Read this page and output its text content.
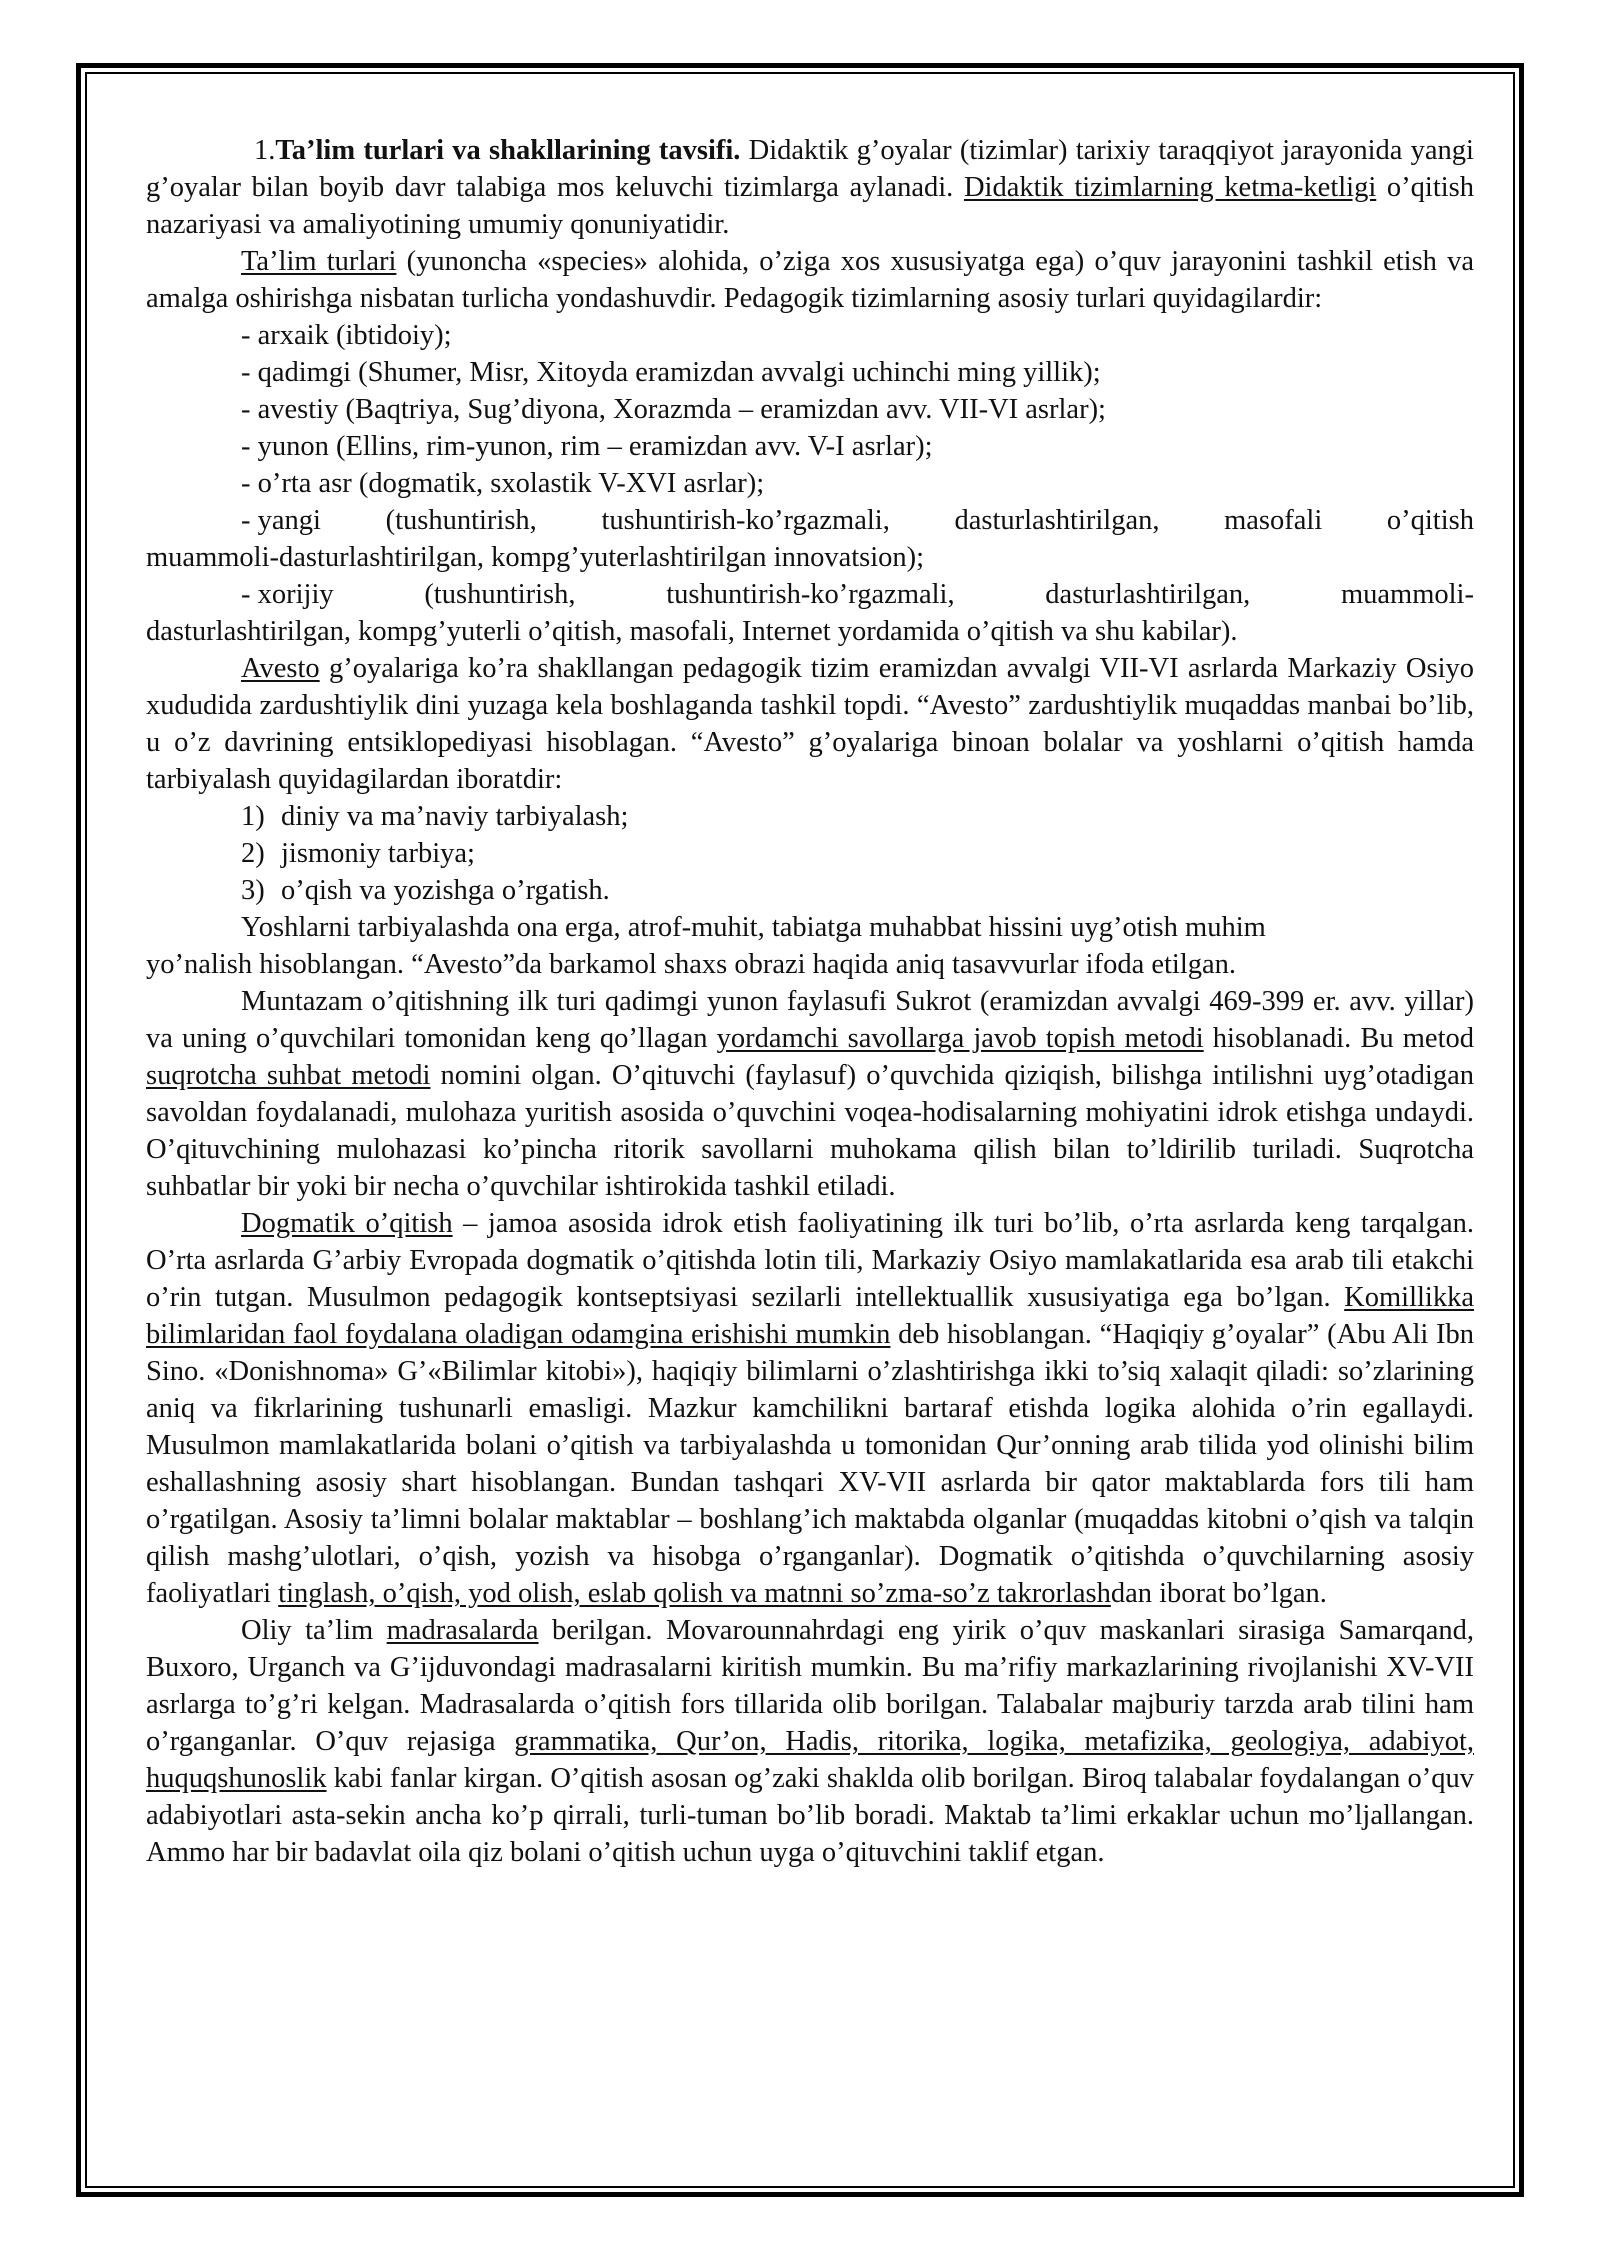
1.Ta’lim turlari va shakllarining tavsifi. Didaktik g’oyalar (tizimlar) tarixiy taraqqiyot jarayonida yangi g’oyalar bilan boyib davr talabiga mos keluvchi tizimlarga aylanadi. Didaktik tizimlarning ketma-ketligi o’qitish nazariyasi va amaliyotining umumiy qonuniyatidir.

Ta’lim turlari (yunoncha «species» alohida, o’ziga xos xususiyatga ega) o’quv jarayonini tashkil etish va amalga oshirishga nisbatan turlicha yondashuvdir. Pedagogik tizimlarning asosiy turlari quyidagilardir:

- arxaik (ibtidoiy);
- qadimgi (Shumer, Misr, Xitoyda eramizdan avvalgi uchinchi ming yillik);
- avestiy (Baqtriya, Sug’diyona, Xorazmda – eramizdan avv. VII-VI asrlar);
- yunon (Ellins, rim-yunon, rim – eramizdan avv. V-I asrlar);
- o’rta asr (dogmatik, sxolastik V-XVI asrlar);
- yangi (tushuntirish, tushuntirish-ko’rgazmali, dasturlashtirilgan, masofali o’qitish
muammoli-dasturlashtirilgan, kompg’yuterlashtirilgan innovatsion);
- xorijiy	(tushuntirish,	tushuntirish-ko’rgazmali,	dasturlashtirilgan,	muammoli-
dasturlashtirilgan, kompg’yuterli o’qitish, masofali, Internet yordamida o’qitish va shu kabilar).

Avesto g’oyalariga ko’ra shakllangan pedagogik tizim eramizdan avvalgi VII-VI asrlarda Markaziy Osiyo xududida zardushtiylik dini yuzaga kela boshlaganda tashkil topdi. “Avesto” zardushtiylik muqaddas manbai bo’lib, u o’z davrining entsiklopediyasi hisoblagan. “Avesto” g’oyalariga binoan bolalar va yoshlarni o’qitish hamda tarbiyalash quyidagilardan iboratdir:

1) diniy va ma’naviy tarbiyalash;
2) jismoniy tarbiya;
3) o’qish va yozishga o’rgatish.
Yoshlarni tarbiyalashda ona erga, atrof-muhit, tabiatga muhabbat hissini uyg’otish muhim
yo’nalish hisoblangan. “Avesto”da barkamol shaxs obrazi haqida aniq tasavvurlar ifoda etilgan.

Muntazam o’qitishning ilk turi qadimgi yunon faylasufi Sukrot (eramizdan avvalgi 469-399 er. avv. yillar) va uning o’quvchilari tomonidan keng qo’llagan yordamchi savollarga javob topish metodi hisoblanadi. Bu metod suqrotcha suhbat metodi nomini olgan. O’qituvchi (faylasuf) o’quvchida qiziqish, bilishga intilishni uyg’otadigan savoldan foydalanadi, mulohaza yuritish asosida o’quvchini voqea-hodisalarning mohiyatini idrok etishga undaydi. O’qituvchining mulohazasi ko’pincha ritorik savollarni muhokama qilish bilan to’ldirilib turiladi. Suqrotcha suhbatlar bir yoki bir necha o’quvchilar ishtirokida tashkil etiladi.

Dogmatik o’qitish – jamoa asosida idrok etish faoliyatining ilk turi bo’lib, o’rta asrlarda keng tarqalgan. O’rta asrlarda G’arbiy Evropada dogmatik o’qitishda lotin tili, Markaziy Osiyo mamlakatlarida esa arab tili etakchi o’rin tutgan. Musulmon pedagogik kontseptsiyasi sezilarli intellektuallik xususiyatiga ega bo’lgan. Komillikka bilimlaridan faol foydalana oladigan odamgina erishishi mumkin deb hisoblangan. “Haqiqiy g’oyalar” (Abu Ali Ibn Sino. «Donishnoma» G’«Bilimlar kitobi»), haqiqiy bilimlarni o’zlashtirishga ikki to’siq xalaqit qiladi: so’zlarining aniq va fikrlarining tushunarli emasligi. Mazkur kamchilikni bartaraf etishda logika alohida o’rin egallaydi. Musulmon mamlakatlarida bolani o’qitish va tarbiyalashda u tomonidan Qur’onning arab tilida yod olinishi bilim eshallashning asosiy shart hisoblangan. Bundan tashqari XV-VII asrlarda bir qator maktablarda fors tili ham o’rgatilgan. Asosiy ta’limni bolalar maktablar – boshlang’ich maktabda olganlar (muqaddas kitobni o’qish va talqin qilish mashg’ulotlari, o’qish, yozish va hisobga o’rganganlar). Dogmatik o’qitishda o’quvchilarning asosiy faoliyatlari tinglash, o’qish, yod olish, eslab qolish va matnni so’zma-so’z takrorlashdan iborat bo’lgan.

Oliy ta’lim madrasalarda berilgan. Movarounnahrdagi eng yirik o’quv maskanlari sirasiga Samarqand, Buxoro, Urganch va G’ijduvondagi madrasalarni kiritish mumkin. Bu ma’rifiy markazlarining rivojlanishi XV-VII asrlarga to’g’ri kelgan. Madrasalarda o’qitish fors tillarida olib borilgan. Talabalar majburiy tarzda arab tilini ham o’rganganlar. O’quv rejasiga grammatika, Qur’on, Hadis, ritorika, logika, metafizika, geologiya, adabiyot, huquqshunoslik kabi fanlar kirgan. O’qitish asosan og’zaki shaklda olib borilgan. Biroq talabalar foydalangan o’quv adabiyotlari asta-sekin ancha ko’p qirrali, turli-tuman bo’lib boradi. Maktab ta’limi erkaklar uchun mo’ljallangan. Ammo har bir badavlat oila qiz bolani o’qitish uchun uyga o’qituvchini taklif etgan.
